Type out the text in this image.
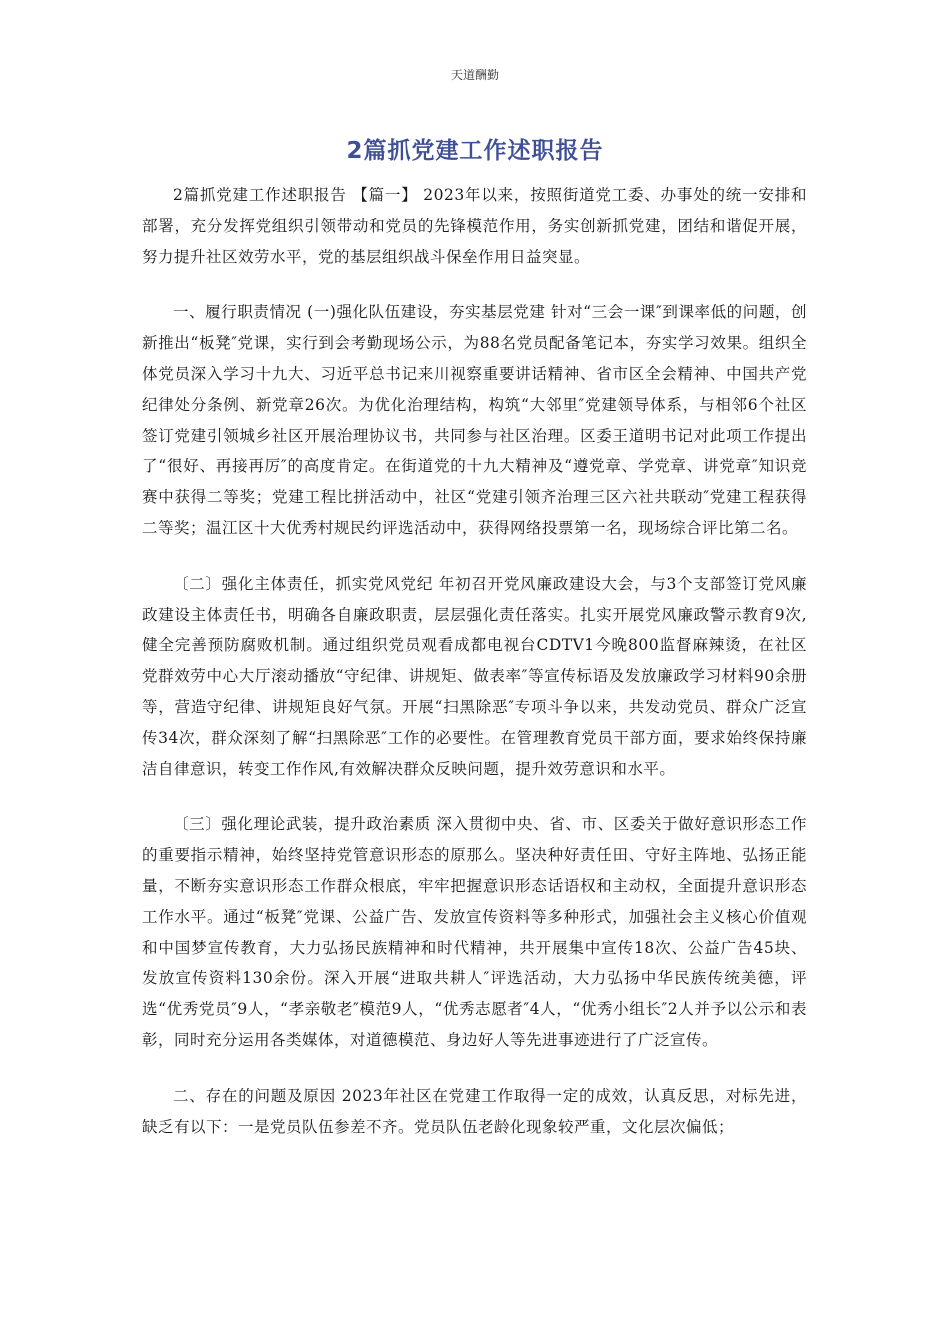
天道酬勤
2篇抓党建工作述职报告

2篇抓党建工作述职报告 【篇一】 2023年以来，按照街道党工委、办事处的统一安排和部署，充分发挥党组织引领带动和党员的先锋模范作用，务实创新抓党建，团结和谐促开展，努力提升社区效劳水平，党的基层组织战斗保垒作用日益突显。

一、履行职责情况 (一)强化队伍建设，夯实基层党建 针对“三会一课″到课率低的问题，创新推出“板凳″党课，实行到会考勤现场公示，为88名党员配备笔记本，夯实学习效果。组织全体党员深入学习十九大、习近平总书记来川视察重要讲话精神、省市区全会精神、中国共产党纪律处分条例、新党章26次。为优化治理结构，构筑“大邻里″党建领导体系，与相邻6个社区签订党建引领城乡社区开展治理协议书，共同参与社区治理。区委王道明书记对此项工作提出了“很好、再接再厉″的高度肯定。在街道党的十九大精神及“遵党章、学党章、讲党章″知识竞赛中获得二等奖；党建工程比拼活动中，社区“党建引领齐治理三区六社共联动″党建工程获得二等奖；温江区十大优秀村规民约评选活动中，获得网络投票第一名，现场综合评比第二名。

〔二〕强化主体责任，抓实党风党纪 年初召开党风廉政建设大会，与3个支部签订党风廉政建设主体责任书，明确各自廉政职责，层层强化责任落实。扎实开展党风廉政警示教育9次,健全完善预防腐败机制。通过组织党员观看成都电视台CDTV1今晚800监督麻辣烫，在社区党群效劳中心大厅滚动播放“守纪律、讲规矩、做表率″等宣传标语及发放廉政学习材料90余册等，营造守纪律、讲规矩良好气氛。开展“扫黑除恶″专项斗争以来，共发动党员、群众广泛宣传34次，群众深刻了解“扫黑除恶″工作的必要性。在管理教育党员干部方面，要求始终保持廉洁自律意识，转变工作作风,有效解决群众反映问题，提升效劳意识和水平。

〔三〕强化理论武装，提升政治素质 深入贯彻中央、省、市、区委关于做好意识形态工作的重要指示精神，始终坚持党管意识形态的原那么。坚决种好责任田、守好主阵地、弘扬正能量，不断夯实意识形态工作群众根底，牢牢把握意识形态话语权和主动权，全面提升意识形态工作水平。通过“板凳″党课、公益广告、发放宣传资料等多种形式，加强社会主义核心价值观和中国梦宣传教育，大力弘扬民族精神和时代精神，共开展集中宣传18次、公益广告45块、发放宣传资料130余份。深入开展“进取共耕人″评选活动，大力弘扬中华民族传统美德，评选“优秀党员″9人，“孝亲敬老″模范9人，“优秀志愿者″4人，“优秀小组长″2人并予以公示和表彰，同时充分运用各类媒体，对道德模范、身边好人等先进事迹进行了广泛宣传。

二、存在的问题及原因 2023年社区在党建工作取得一定的成效，认真反思，对标先进，缺乏有以下：一是党员队伍参差不齐。党员队伍老龄化现象较严重，文化层次偏低；
